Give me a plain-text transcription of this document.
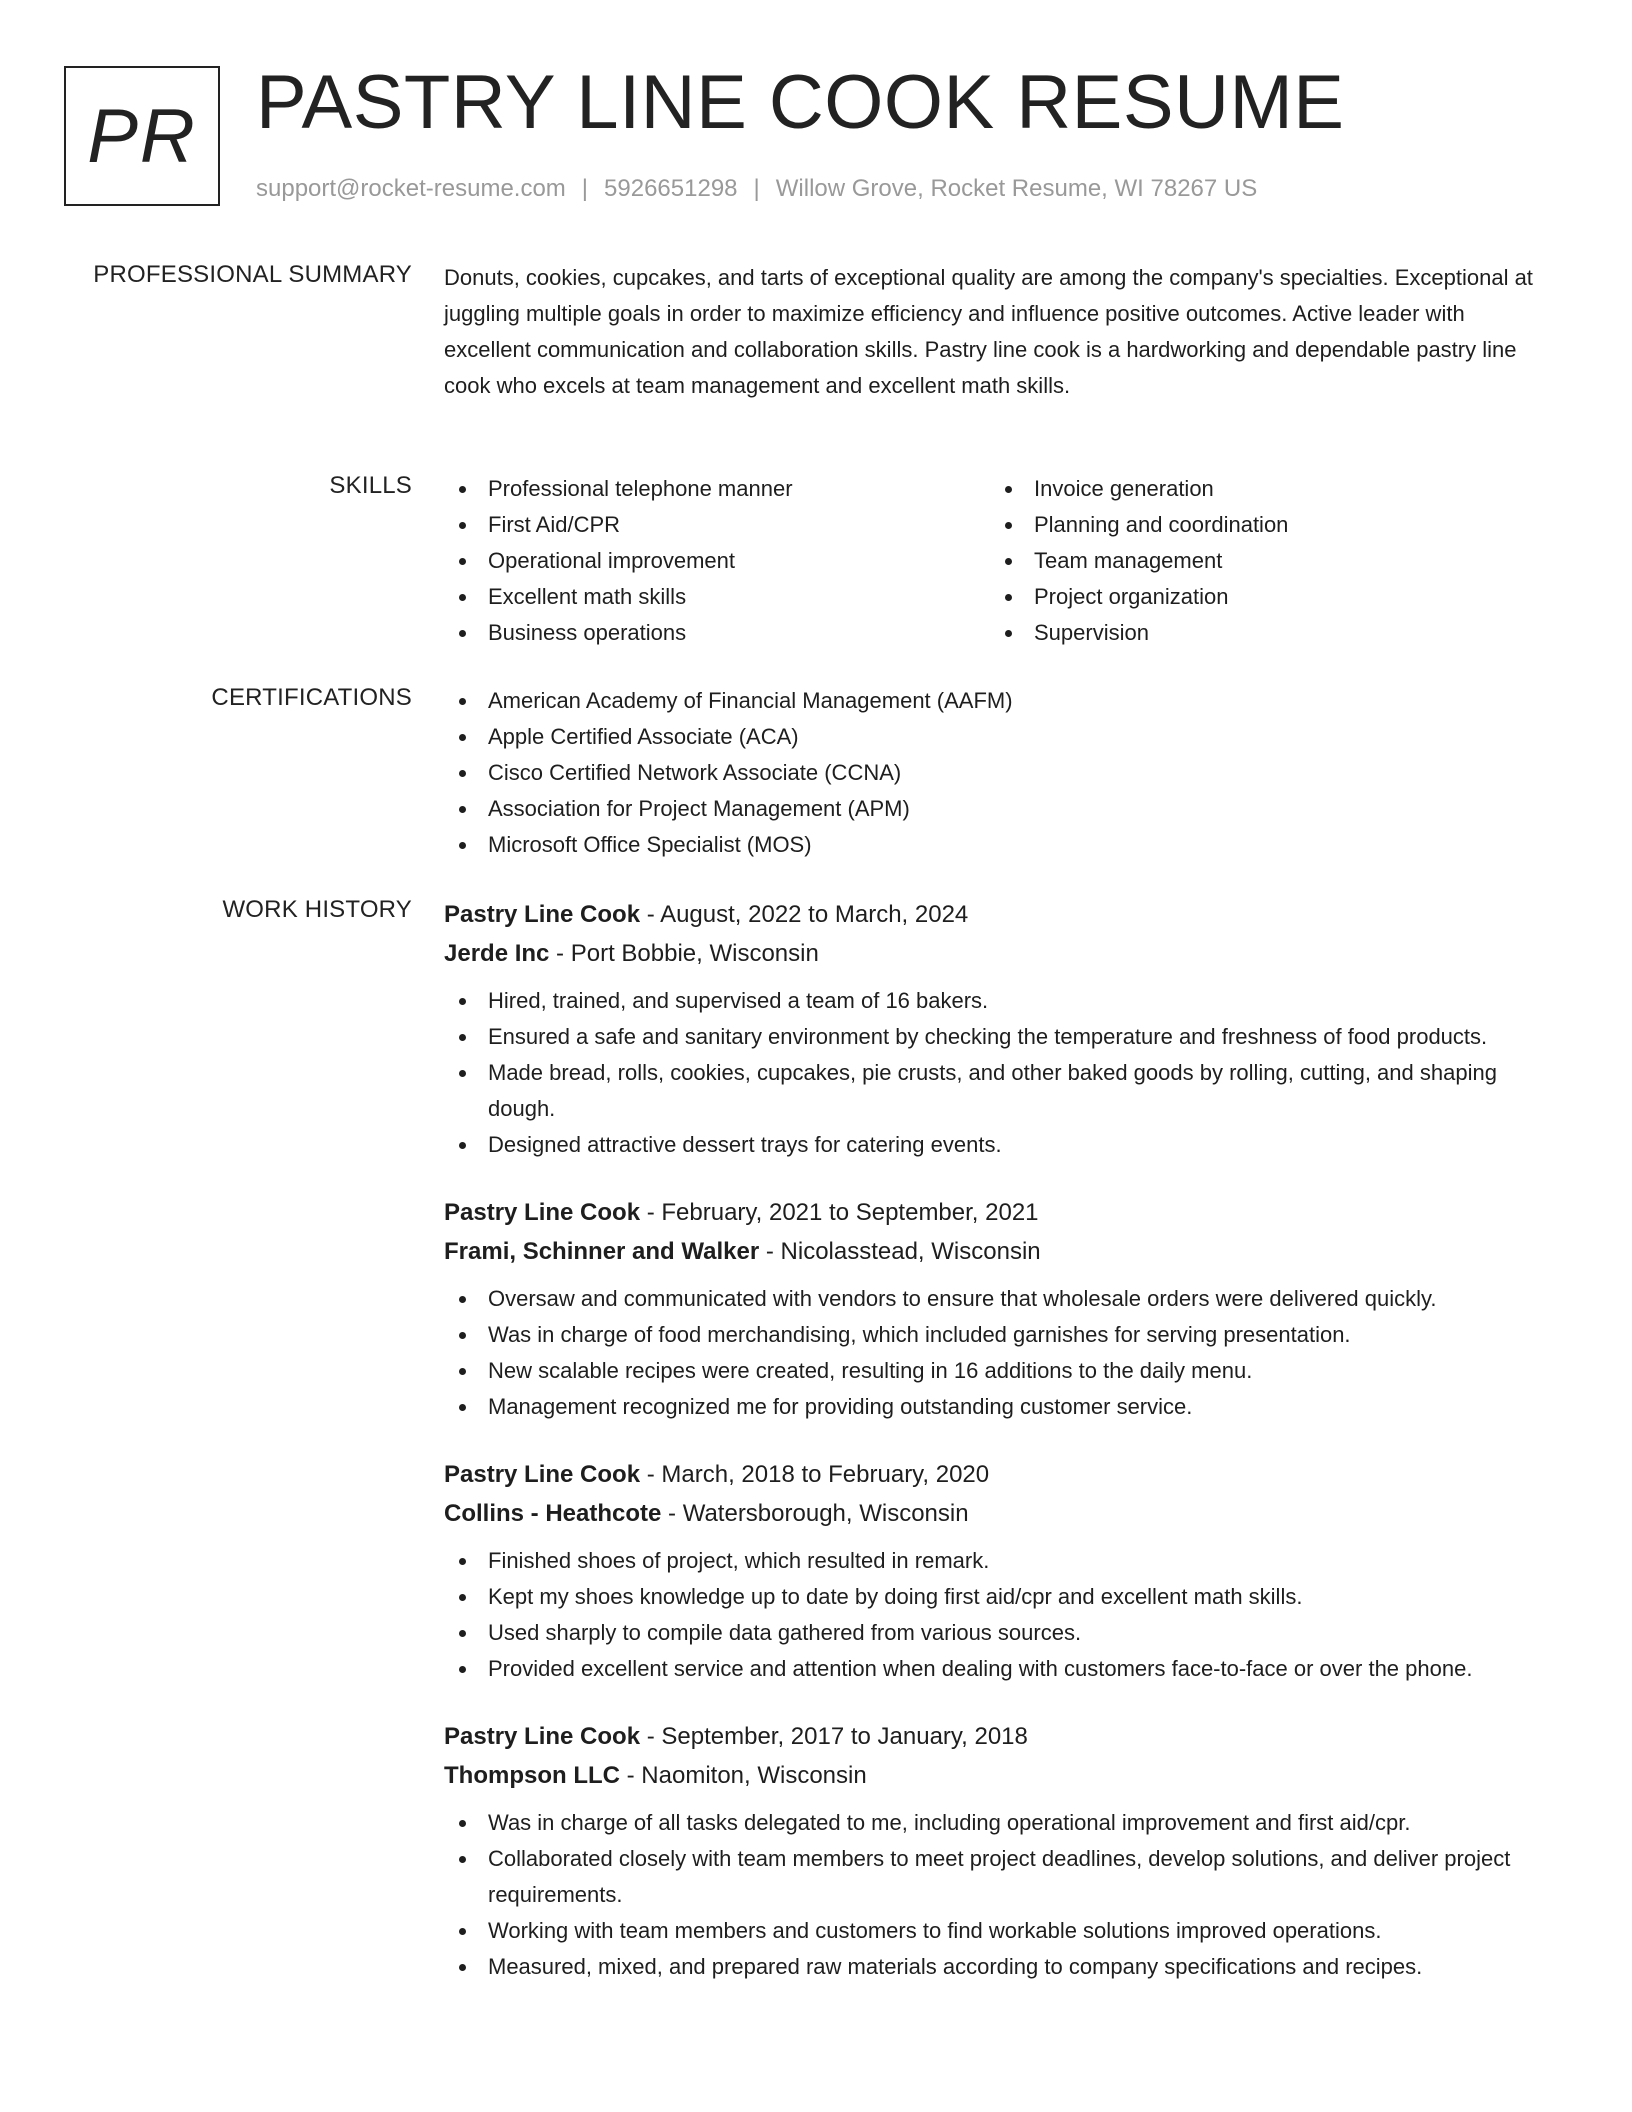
PR PASTRY LINE COOK RESUME
support@rocket-resume.com | 5926651298 | Willow Grove, Rocket Resume, WI 78267 US
PROFESSIONAL SUMMARY Donuts, cookies, cupcakes, and tarts of exceptional quality are among the company's specialties. Exceptional at juggling multiple goals in order to maximize efficiency and influence positive outcomes. Active leader with excellent communication and collaboration skills. Pastry line cook is a hardworking and dependable pastry line cook who excels at team management and excellent math skills.

SKILLS	Professional telephone manner
First Aid/CPR
Operational improvement
Excellent math skills
Business operations
Invoice generation
Planning and coordination
Team management
Project organization
Supervision
CERTIFICATIONS	American Academy of Financial Management (AAFM)
Apple Certified Associate (ACA)
Cisco Certified Network Associate (CCNA)
Association for Project Management (APM)
Microsoft Office Specialist (MOS)
WORK HISTORY Pastry Line Cook - August, 2022 to March, 2024
Jerde Inc - Port Bobbie, Wisconsin
Hired, trained, and supervised a team of 16 bakers.
Ensured a safe and sanitary environment by checking the temperature and freshness of food products.
Made bread, rolls, cookies, cupcakes, pie crusts, and other baked goods by rolling, cutting, and shaping dough.
Designed attractive dessert trays for catering events.
Pastry Line Cook - February, 2021 to September, 2021
Frami, Schinner and Walker - Nicolasstead, Wisconsin
Oversaw and communicated with vendors to ensure that wholesale orders were delivered quickly.
Was in charge of food merchandising, which included garnishes for serving presentation.
New scalable recipes were created, resulting in 16 additions to the daily menu.
Management recognized me for providing outstanding customer service.
Pastry Line Cook - March, 2018 to February, 2020
Collins - Heathcote - Watersborough, Wisconsin
Finished shoes of project, which resulted in remark.
Kept my shoes knowledge up to date by doing first aid/cpr and excellent math skills.
Used sharply to compile data gathered from various sources.
Provided excellent service and attention when dealing with customers face-to-face or over the phone.
Pastry Line Cook - September, 2017 to January, 2018
Thompson LLC - Naomiton, Wisconsin
Was in charge of all tasks delegated to me, including operational improvement and first aid/cpr.
Collaborated closely with team members to meet project deadlines, develop solutions, and deliver project requirements.
Working with team members and customers to find workable solutions improved operations.
Measured, mixed, and prepared raw materials according to company specifications and recipes.
